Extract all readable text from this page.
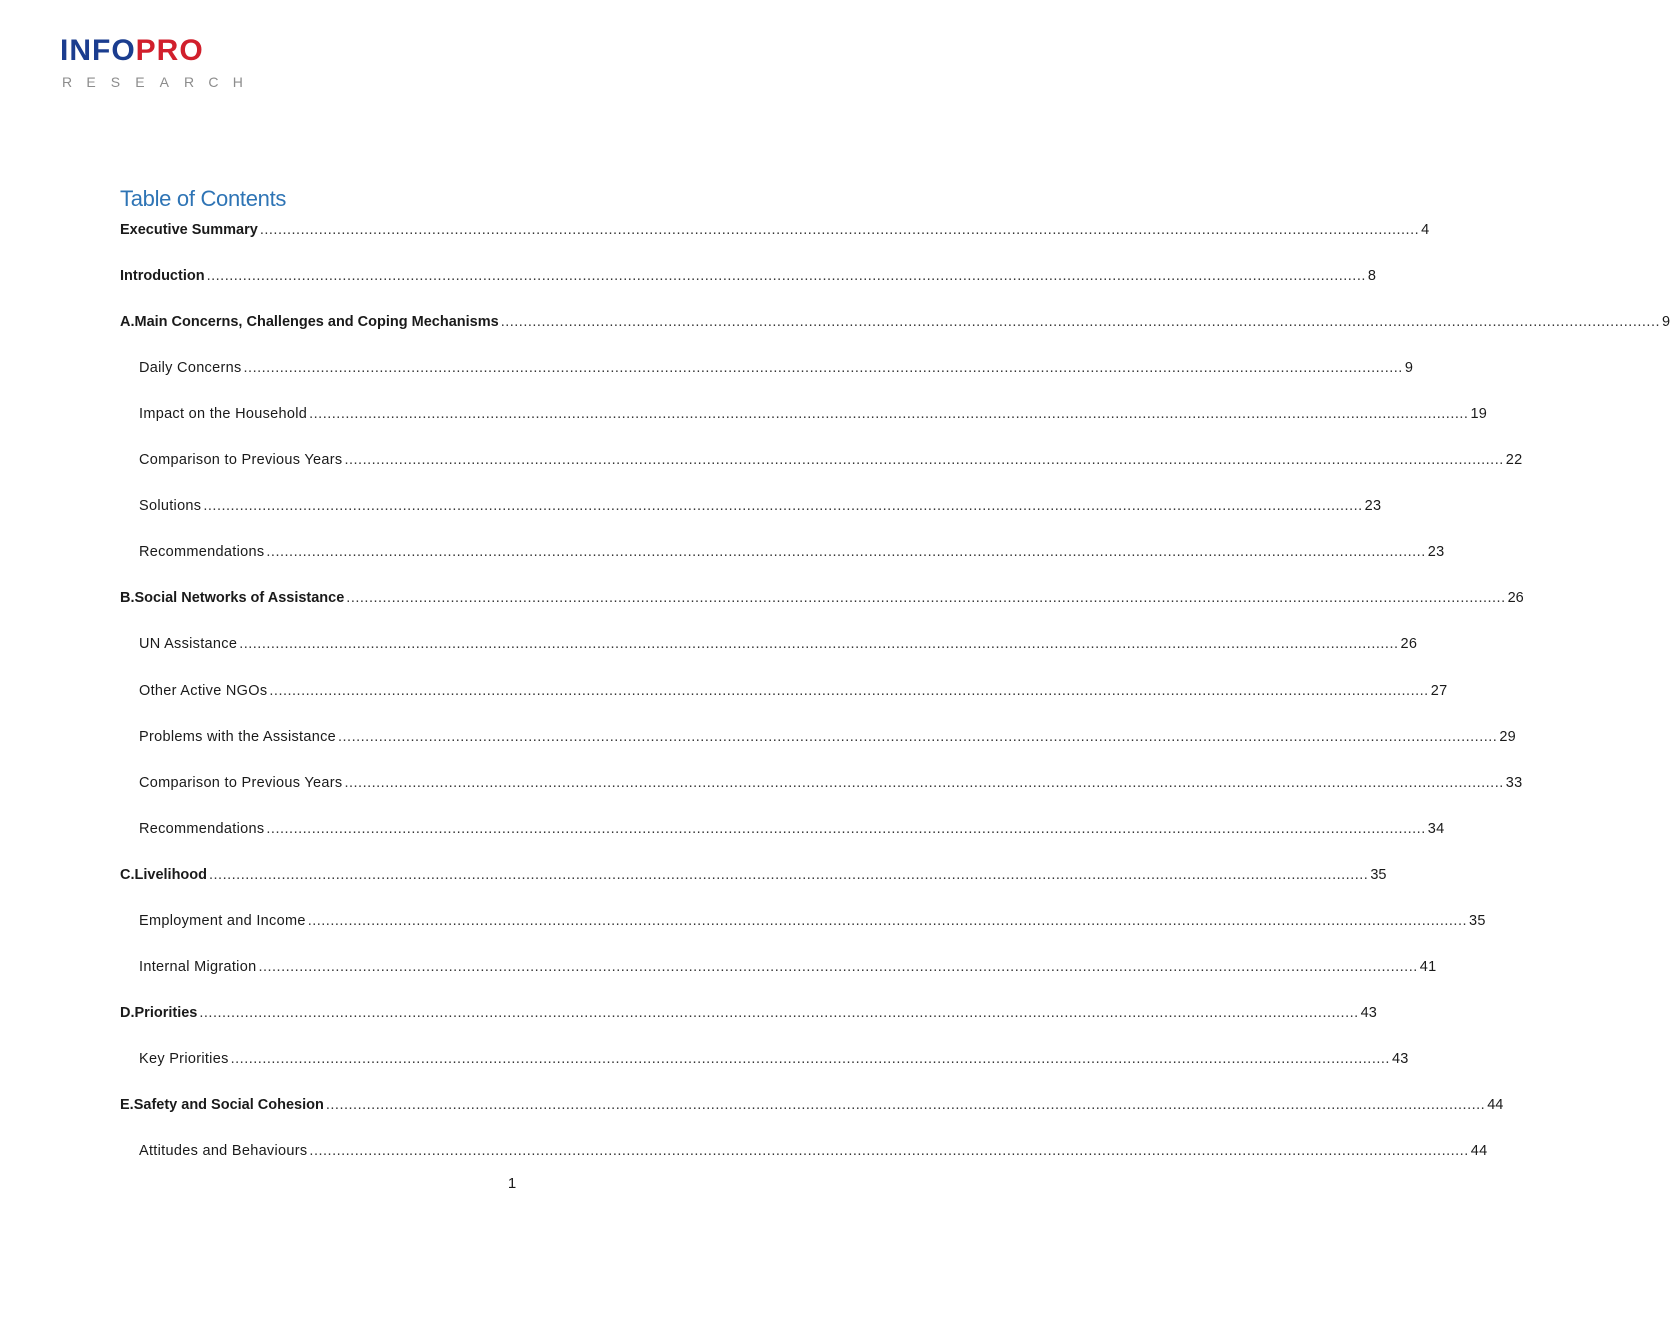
INFOPRO
R E S E A R C H
Table of Contents
Executive Summary .....	4
Introduction .....	8
A. Main Concerns, Challenges and Coping Mechanisms .....	9
Daily Concerns .....	9
Impact on the Household .....	19
Comparison to Previous Years .....	22
Solutions .....	23
Recommendations .....	23
B. Social Networks of Assistance .....	26
UN Assistance .....	26
Other Active NGOs .....	27
Problems with the Assistance .....	29
Comparison to Previous Years .....	33
Recommendations .....	34
C. Livelihood .....	35
Employment and Income .....	35
Internal Migration .....	41
D. Priorities .....	43
Key Priorities .....	43
E. Safety and Social Cohesion .....	44
Attitudes and Behaviours .....	44
1
